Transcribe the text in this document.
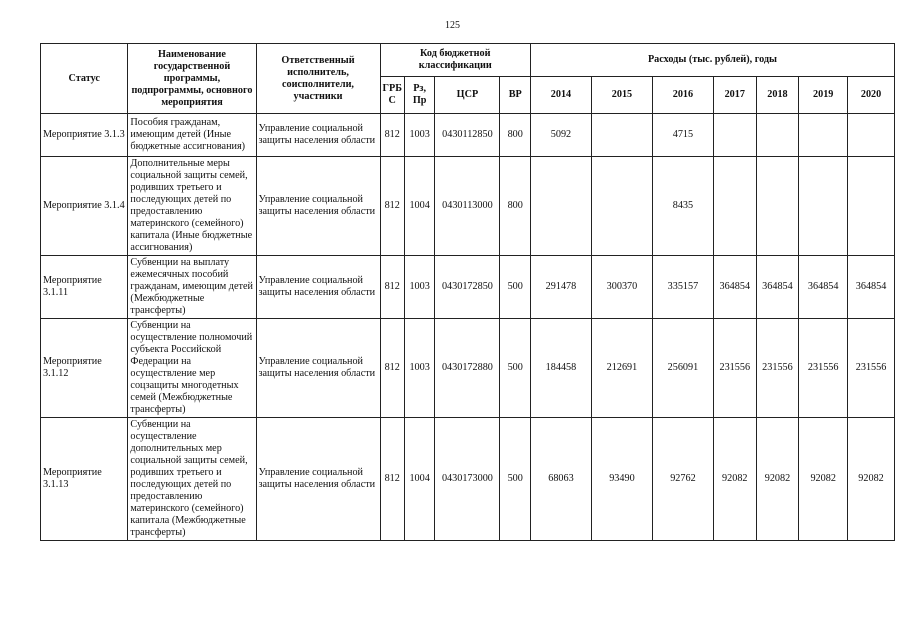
125
Статус	Наименование государственной программы, подпрограммы, основного мероприятия	Ответственный исполнитель, соисполнители, участники	Код бюджетной классификации				Расходы (тыс. рублей), годы						
			ГРБ С	Рз, Пр	ЦСР	ВР	2014	2015	2016	2017	2018	2019	2020
Мероприятие 3.1.3	Пособия гражданам, имеющим детей (Иные бюджетные ассигнования)	Управление социальной защиты населения области	812	1003	0430112850	800	5092		4715				
Мероприятие 3.1.4	Дополнительные меры социальной защиты семей, родивших третьего и последующих детей по предоставлению материнского (семейного) капитала (Иные бюджетные ассигнования)	Управление социальной защиты населения области	812	1004	0430113000	800			8435				
Мероприятие 3.1.11	Субвенции на выплату ежемесячных пособий гражданам, имеющим детей (Межбюджетные трансферты)	Управление социальной защиты населения области	812	1003	0430172850	500	291478	300370	335157	364854	364854	364854	364854
Мероприятие 3.1.12	Субвенции на осуществление полномочий субъекта Российской Федерации на осуществление мер соцзащиты многодетных семей (Межбюджетные трансферты)	Управление социальной защиты населения области	812	1003	0430172880	500	184458	212691	256091	231556	231556	231556	231556
Мероприятие 3.1.13	Субвенции на осуществление дополнительных мер социальной защиты семей, родивших третьего и последующих детей по предоставлению материнского (семейного) капитала (Межбюджетные трансферты)	Управление социальной защиты населения области	812	1004	0430173000	500	68063	93490	92762	92082	92082	92082	92082
